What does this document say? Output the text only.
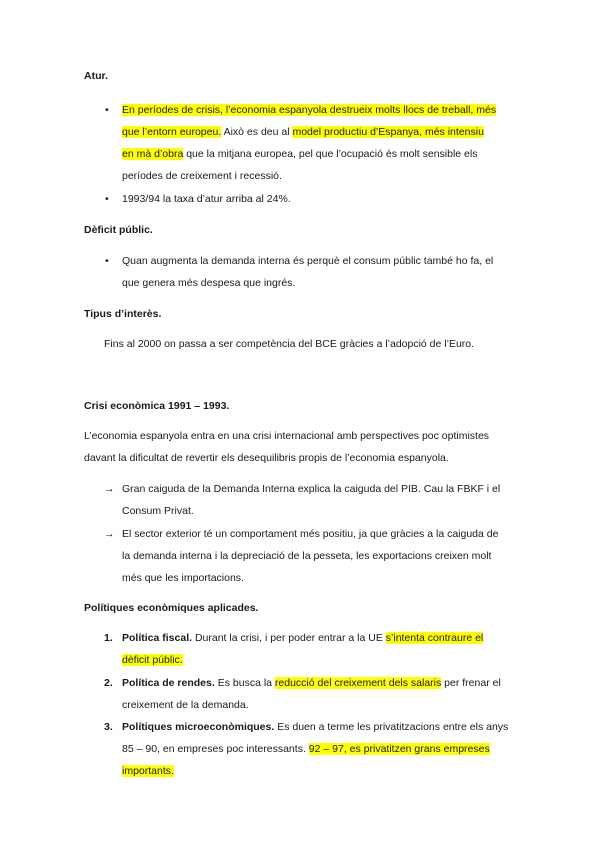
Atur.
• En períodes de crisis, l’economia espanyola destrueix molts llocs de treball, més
que l’entorn europeu. Això es deu al model productiu d’Espanya, més intensiu
en mà d’obra que la mitjana europea, pel que l’ocupació és molt sensible els
períodes de creixement i recessió.
• 1993/94 la taxa d’atur arriba al 24%.
Dèficit públic.
• Quan augmenta la demanda interna és perquè el consum públic també ho fa, el
que genera més despesa que ingrés.
Tipus d’interès.
Fins al 2000 on passa a ser competència del BCE gràcies a l’adopció de l’Euro.
Crisi econòmica 1991 – 1993.
L’economia espanyola entra en una crisi internacional amb perspectives poc optimistes
davant la dificultat de revertir els desequilibris propis de l’economia espanyola.
→ Gran caiguda de la Demanda Interna explica la caiguda del PIB. Cau la FBKF i el
Consum Privat.
→ El sector exterior té un comportament més positiu, ja que gràcies a la caiguda de
la demanda interna i la depreciació de la pesseta, les exportacions creixen molt
més que les importacions.
Polítiques econòmiques aplicades.
1. Política fiscal. Durant la crisi, i per poder entrar a la UE s’intenta contraure el
dèficit públic.
2. Política de rendes. Es busca la reducció del creixement dels salaris per frenar el
creixement de la demanda.
3. Polítiques microeconòmiques. Es duen a terme les privatitzacions entre els anys
85 – 90, en empreses poc interessants. 92 – 97, es privatitzen grans empreses
importants.
